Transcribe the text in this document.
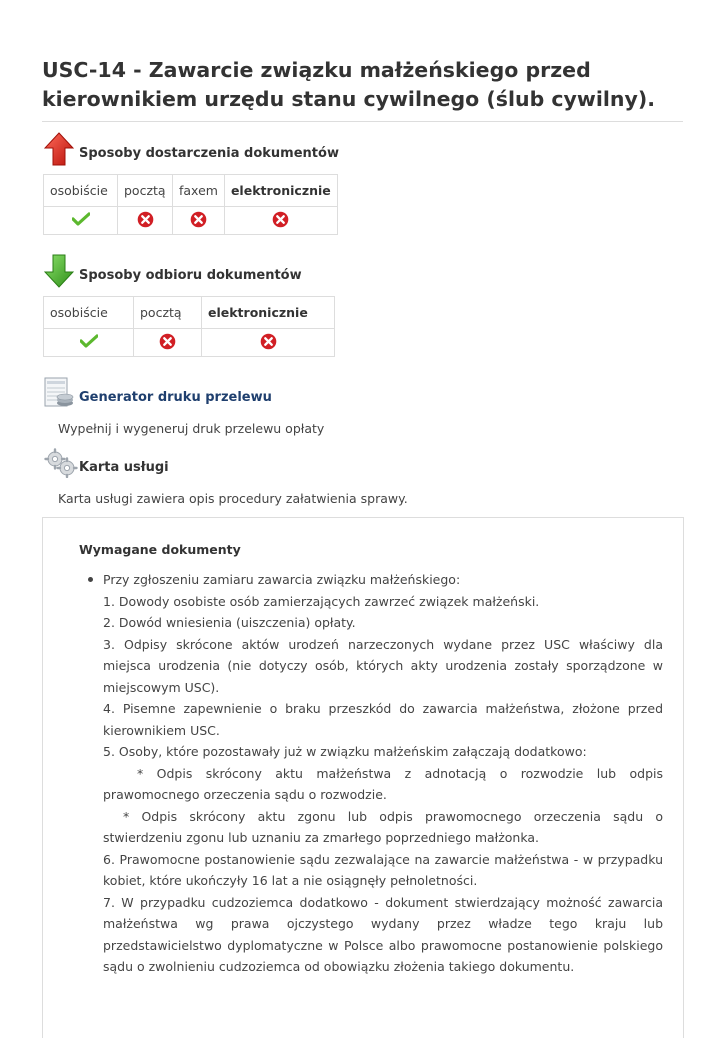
USC-14 - Zawarcie związku małżeńskiego przed kierownikiem urzędu stanu cywilnego (ślub cywilny).
Sposoby dostarczenia dokumentów
osobiście	pocztą	faxem	elektronicznie

Sposoby odbioru dokumentów
osobiście	pocztą	elektronicznie

Generator druku przelewu
Wypełnij i wygeneruj druk przelewu opłaty
Karta usługi
Karta usługi zawiera opis procedury załatwienia sprawy.
Wymagane dokumenty

Przy zgłoszeniu zamiaru zawarcia związku małżeńskiego:

1. Dowody osobiste osób zamierzających zawrzeć związek małżeński.

2. Dowód wniesienia (uiszczenia) opłaty.

3. Odpisy skrócone aktów urodzeń narzeczonych wydane przez USC właściwy dla miejsca urodzenia (nie dotyczy osób, których akty urodzenia zostały sporządzone w miejscowym USC).

4. Pisemne zapewnienie o braku przeszkód do zawarcia małżeństwa, złożone przed kierownikiem USC.

5. Osoby, które pozostawały już w związku małżeńskim załączają dodatkowo:

* Odpis skrócony aktu małżeństwa z adnotacją o rozwodzie lub odpis prawomocnego orzeczenia sądu o rozwodzie.

* Odpis skrócony aktu zgonu lub odpis prawomocnego orzeczenia sądu o stwierdzeniu zgonu lub uznaniu za zmarłego poprzedniego małżonka.

6. Prawomocne postanowienie sądu zezwalające na zawarcie małżeństwa - w przypadku kobiet, które ukończyły 16 lat a nie osiągnęły pełnoletności.

7. W przypadku cudzoziemca dodatkowo - dokument stwierdzający możność zawarcia małżeństwa wg prawa ojczystego wydany przez władze tego kraju lub przedstawicielstwo dyplomatyczne w Polsce albo prawomocne postanowienie polskiego sądu o zwolnieniu cudzoziemca od obowiązku złożenia takiego dokumentu.
